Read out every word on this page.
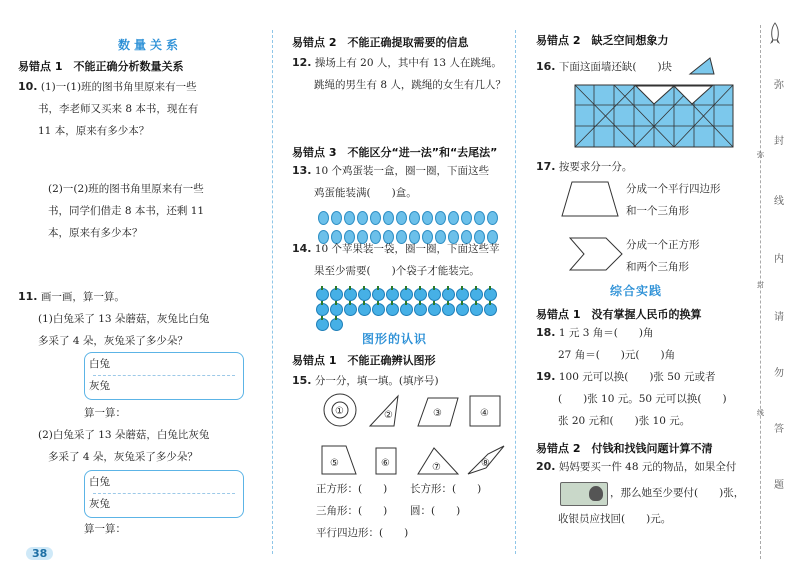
数量关系
易错点 1　不能正确分析数量关系
10. (1)一(1)班的图书角里原来有一些
书，李老师又买来 8 本书，现在有
11 本，原来有多少本？
(2)一(2)班的图书角里原来有一些
书，同学们借走 8 本书，还剩 11
本，原来有多少本？
11. 画一画，算一算。
(1)白兔采了 13 朵蘑菇，灰兔比白兔
多采了 4 朵，灰兔采了多少朵？
白兔
灰兔
算一算：
(2)白兔采了 13 朵蘑菇，白兔比灰兔
多采了 4 朵，灰兔采了多少朵？
白兔
灰兔
算一算：
38
易错点 2　不能正确提取需要的信息
12. 操场上有 20 人，其中有 13 人在跳绳。
跳绳的男生有 8 人，跳绳的女生有几人？
易错点 3　不能区分“进一法”和“去尾法”
13. 10 个鸡蛋装一盒，圈一圈，下面这些
鸡蛋能装满(　　)盒。
14. 10 个苹果装一袋，圈一圈，下面这些苹
果至少需要(　　)个袋子才能装完。
图形的认识
易错点 1　不能正确辨认图形
15. 分一分，填一填。(填序号)
①	②	③	④
⑤	⑥	⑦	⑧
正方形：(　　) 长方形：(　　)
三角形：(　　) 圆：(　　)
平行四边形：(　　)
易错点 2　缺乏空间想象力
16. 下面这面墙还缺(　　)块
17. 按要求分一分。
分成一个平行四边形
和一个三角形
分成一个正方形
和两个三角形
综合实践
易错点 1　没有掌握人民币的换算
18. 1 元 3 角＝(　　)角
27 角＝(　　)元(　　)角
19. 100 元可以换(　　)张 50 元或者
(　　)张 10 元。50 元可以换(　　)
张 20 元和(　　)张 10 元。
易错点 2　付钱和找钱问题计算不清
20. 妈妈要买一件 48 元的物品，如果全付
，那么她至少要付(　　)张，
收银员应找回(　　)元。
弥
弥
封
线
内
封
请
勿
线
答
题
